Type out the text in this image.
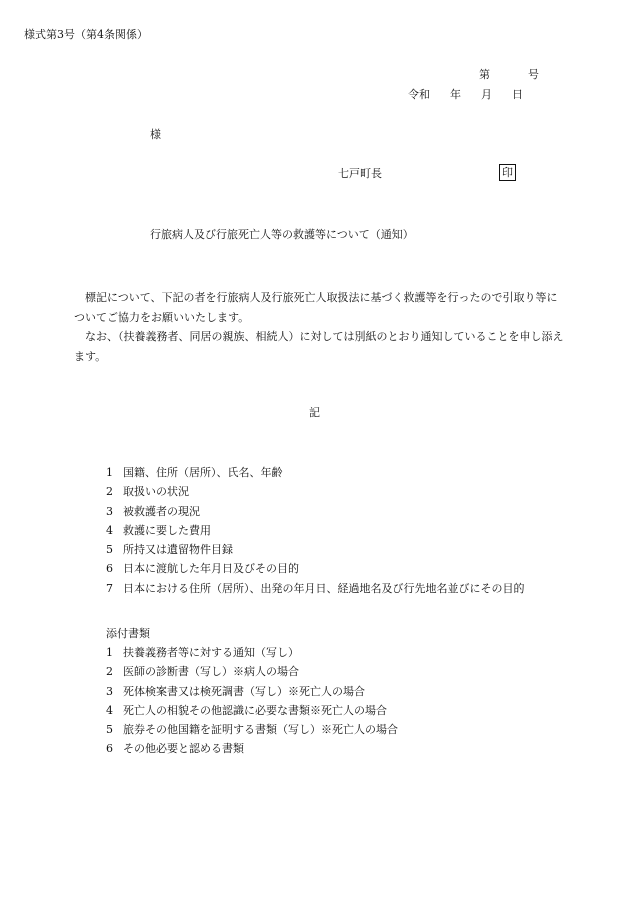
様式第3号（第4条関係）
第	号
令和 年 月 日
様
七戸町長	印
行旅病人及び行旅死亡人等の救護等について（通知）

標記について、下記の者を行旅病人及行旅死亡人取扱法に基づく救護等を行ったので引取り等についてご協力をお願いいたします。

なお、（扶養義務者、同居の親族、相続人）に対しては別紙のとおり通知していることを申し添えます。

記
1 国籍、住所（居所）、氏名、年齢
2 取扱いの状況
3 被救護者の現況
4 救護に要した費用
5 所持又は遺留物件目録
6 日本に渡航した年月日及びその目的
7 日本における住所（居所）、出発の年月日、経過地名及び行先地名並びにその目的
添付書類
1 扶養義務者等に対する通知（写し）
2 医師の診断書（写し）※病人の場合
3 死体検案書又は検死調書（写し）※死亡人の場合
4 死亡人の相貌その他認識に必要な書類※死亡人の場合
5 旅券その他国籍を証明する書類（写し）※死亡人の場合
6 その他必要と認める書類
